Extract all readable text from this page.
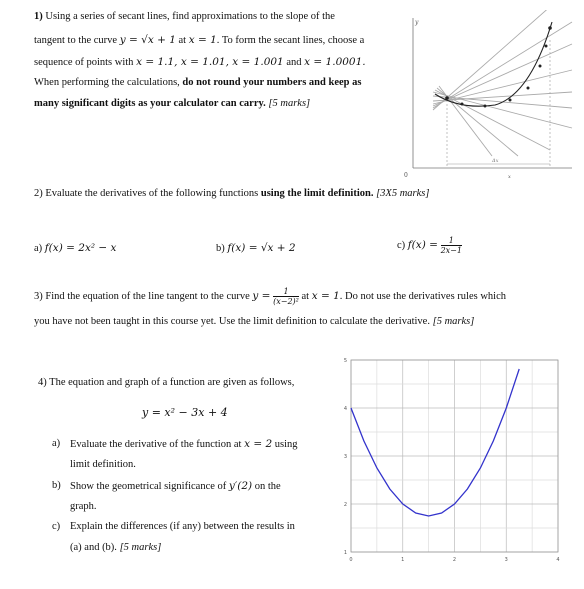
1) Using a series of secant lines, find approximations to the slope of the
tangent to the curve y = √x + 1 at x = 1. To form the secant lines, choose a
sequence of points with x = 1.1, x = 1.01, x = 1.001 and x = 1.0001.
When performing the calculations, do not round your numbers and keep as
many significant digits as your calculator can carry. [5 marks]
0
y
x
Δx
2) Evaluate the derivatives of the following functions using the limit definition. [3X5 marks]
a) f(x) = 2x² − x	b) f(x) = √x + 2	c) $f(x) = \frac{1}{2x-1}$
3) Find the equation of the line tangent to the curve $y = \frac{1}{\text{(x−2)²}}$ at x = 1. Do not use the derivatives rules which
you have not been taught in this course yet. Use the limit definition to calculate the derivative. [5 marks]
4) The equation and graph of a function are given as follows,
y = x² − 3x + 4
a) Evaluate the derivative of the function at x = 2 using
limit definition.
b) Show the geometrical significance of y′(2) on the
graph.
c) Explain the differences (if any) between the results in
(a) and (b). [5 marks]
0	1	2	3	4
1
2
3
4
5
